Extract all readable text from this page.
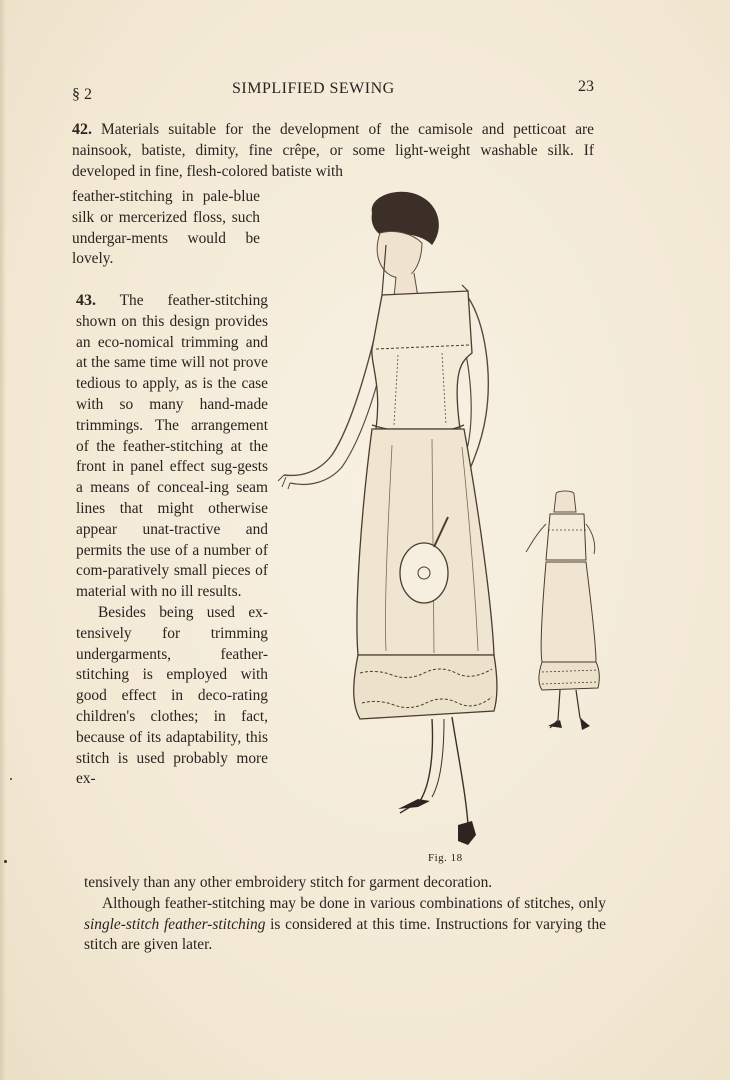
§ 2	SIMPLIFIED SEWING	23

42. Materials suitable for the development of the camisole and petticoat are nainsook, batiste, dimity, fine crêpe, or some light-weight washable silk. If developed in fine, flesh-colored batiste with

feather-stitching in pale-blue silk or mercerized floss, such undergar-ments would be lovely.

43. The feather-stitching shown on this design provides an eco-nomical trimming and at the same time will not prove tedious to apply, as is the case with so many hand-made trimmings. The arrangement of the feather-stitching at the front in panel effect sug-gests a means of conceal-ing seam lines that might otherwise appear unat-tractive and permits the use of a number of com-paratively small pieces of material with no ill results.

Besides being used ex-tensively for trimming undergarments, feather-stitching is employed with good effect in deco-rating children's clothes; in fact, because of its adaptability, this stitch is used probably more ex-

tensively than any other embroidery stitch for garment decoration.

Although feather-stitching may be done in various combinations of stitches, only single-stitch feather-stitching is considered at this time. Instructions for varying the stitch are given later.

Fig. 18
